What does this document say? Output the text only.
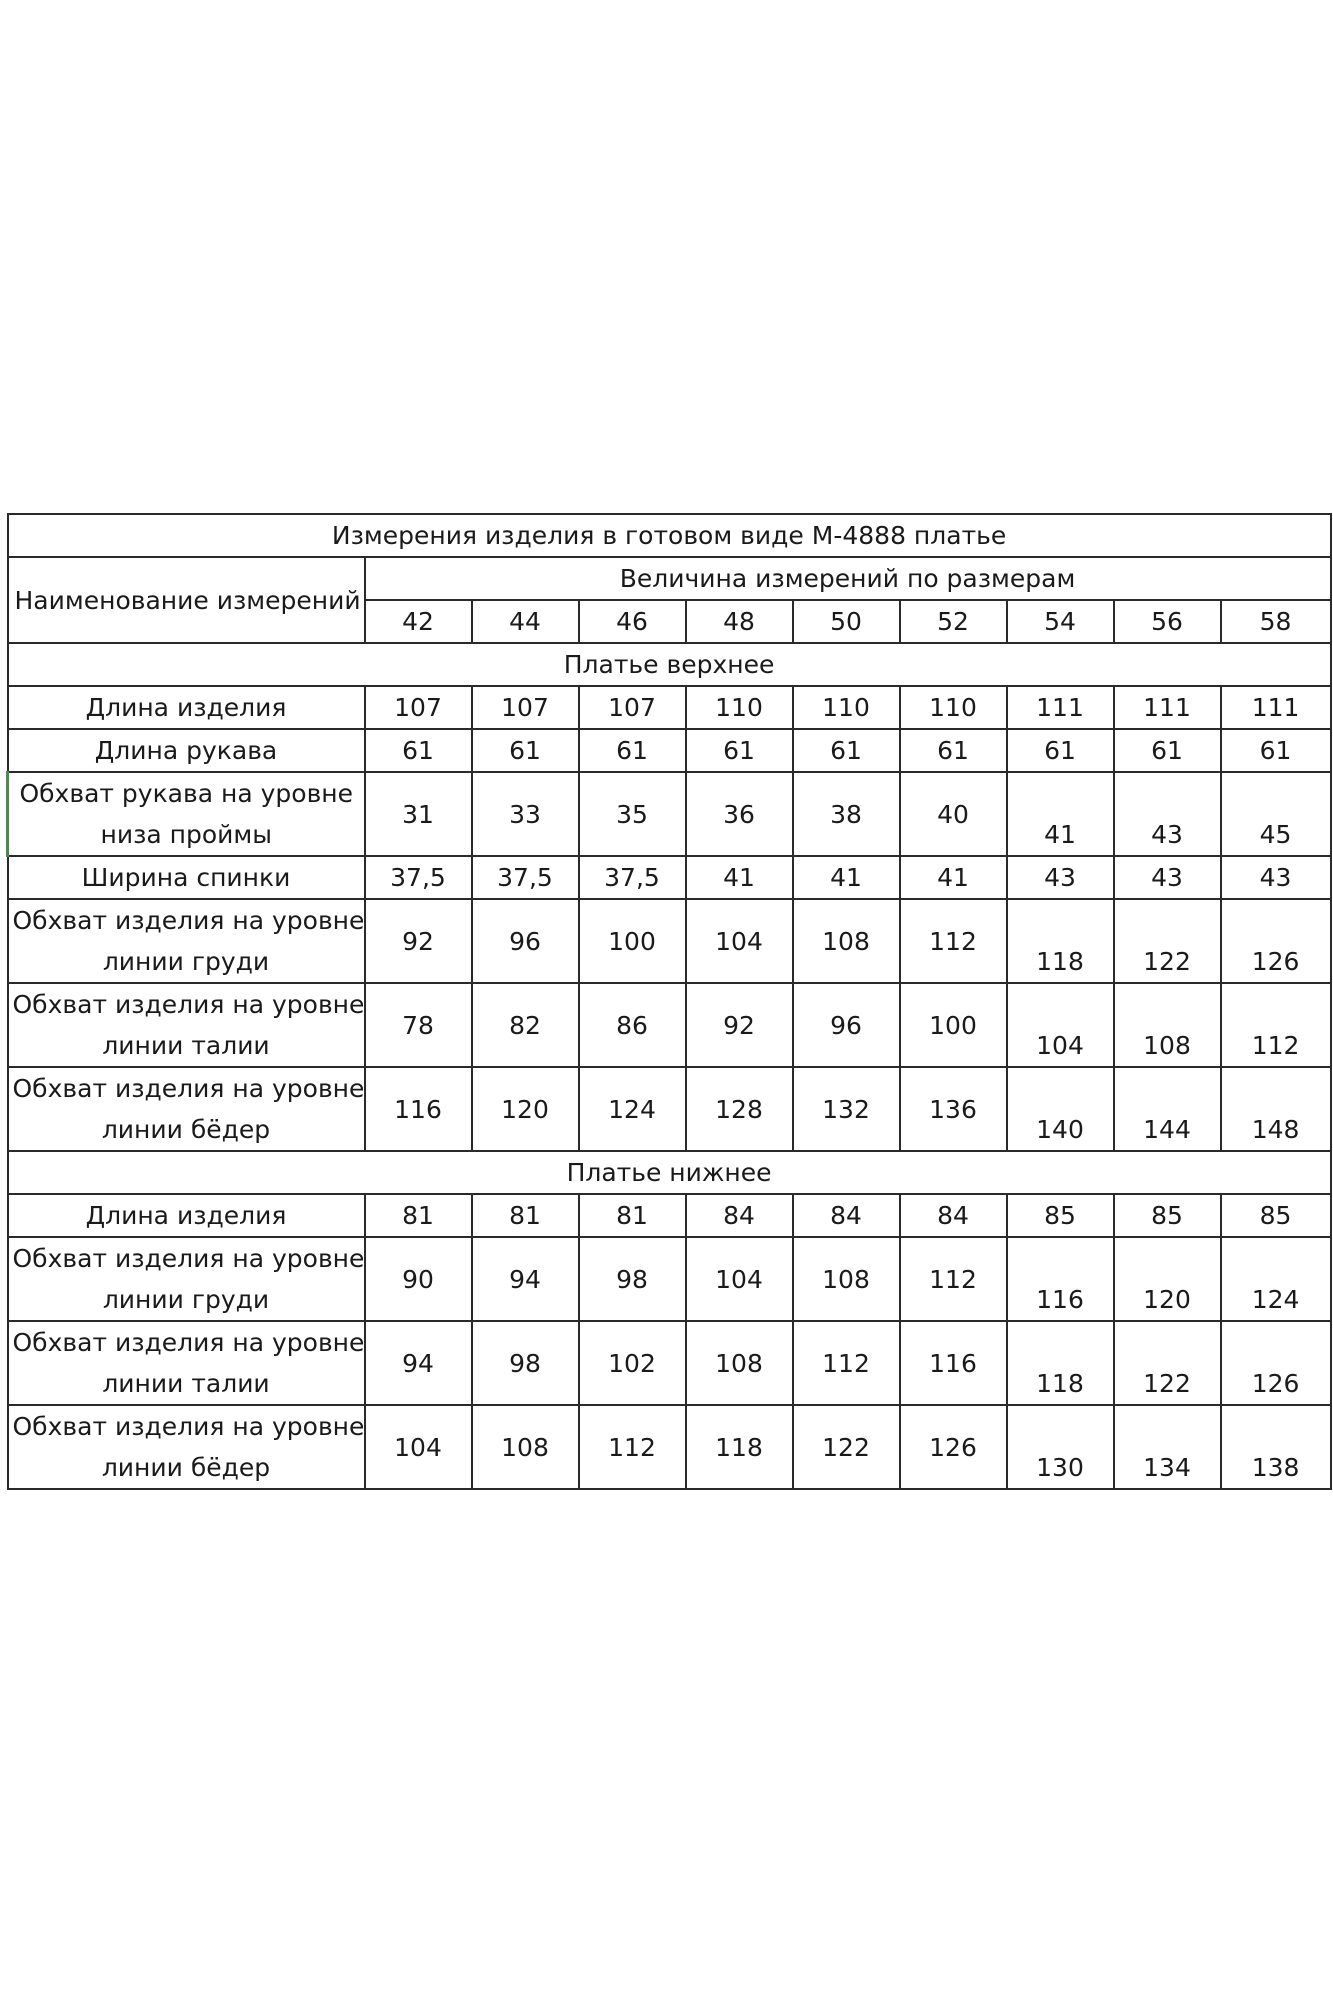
Измерения изделия в готовом виде М-4888 платье									
Наименование измерений	Величина измерений по размерам								
	42	44	46	48	50	52	54	56	58
Платье верхнее									

Длина изделия	107	107	107	110	110	110	111	111	111

Длина рукава	61	61	61	61	61	61	61	61	61

Обхват рукава на уровне
низа проймы	31	33	35	36	38	40	41	43	45

Ширина спинки	37,5	37,5	37,5	41	41	41	43	43	43

Обхват изделия на уровне
линии груди	92	96	100	104	108	112	118	122	126

Обхват изделия на уровне
линии талии	78	82	86	92	96	100	104	108	112

Обхват изделия на уровне
линии бёдер	116	120	124	128	132	136	140	144	148
Платье нижнее									

Длина изделия	81	81	81	84	84	84	85	85	85

Обхват изделия на уровне
линии груди	90	94	98	104	108	112	116	120	124

Обхват изделия на уровне
линии талии	94	98	102	108	112	116	118	122	126

Обхват изделия на уровне
линии бёдер	104	108	112	118	122	126	130	134	138
